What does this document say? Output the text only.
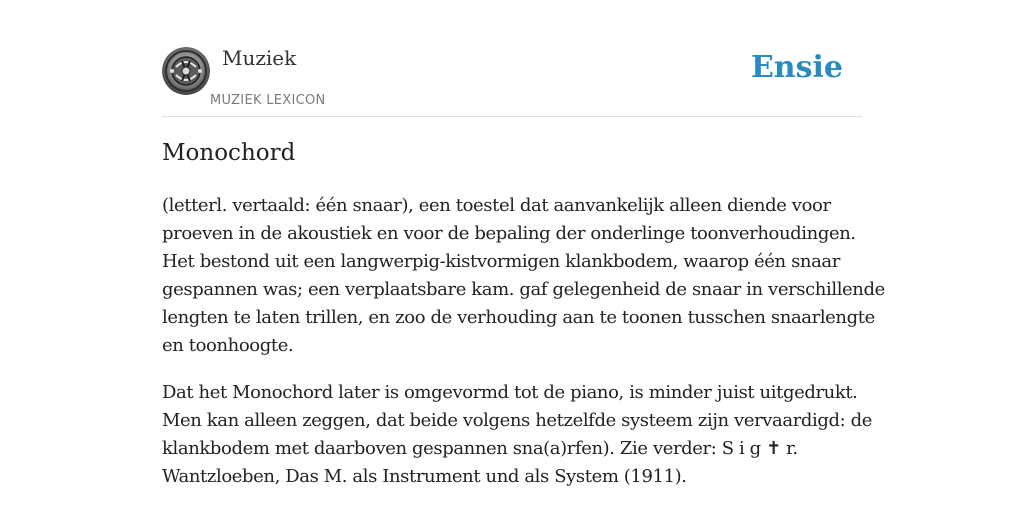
Muziek
MUZIEK LEXICON
Ensie
Monochord

(letterl. vertaald: één snaar), een toestel dat aanvankelijk alleen diende voor
proeven in de akoustiek en voor de bepaling der onderlinge toonverhoudingen.
Het bestond uit een langwerpig-kistvormigen klankbodem, waarop één snaar
gespannen was; een verplaatsbare kam. gaf gelegenheid de snaar in verschillende
lengten te laten trillen, en zoo de verhouding aan te toonen tusschen snaarlengte
en toonhoogte.

Dat het Monochord later is omgevormd tot de piano, is minder juist uitgedrukt.
Men kan alleen zeggen, dat beide volgens hetzelfde systeem zijn vervaardigd: de
klankbodem met daarboven gespannen sna(a)rfen). Zie verder: S i g ✝ r.
Wantzloeben, Das M. als Instrument und als System (1911).
